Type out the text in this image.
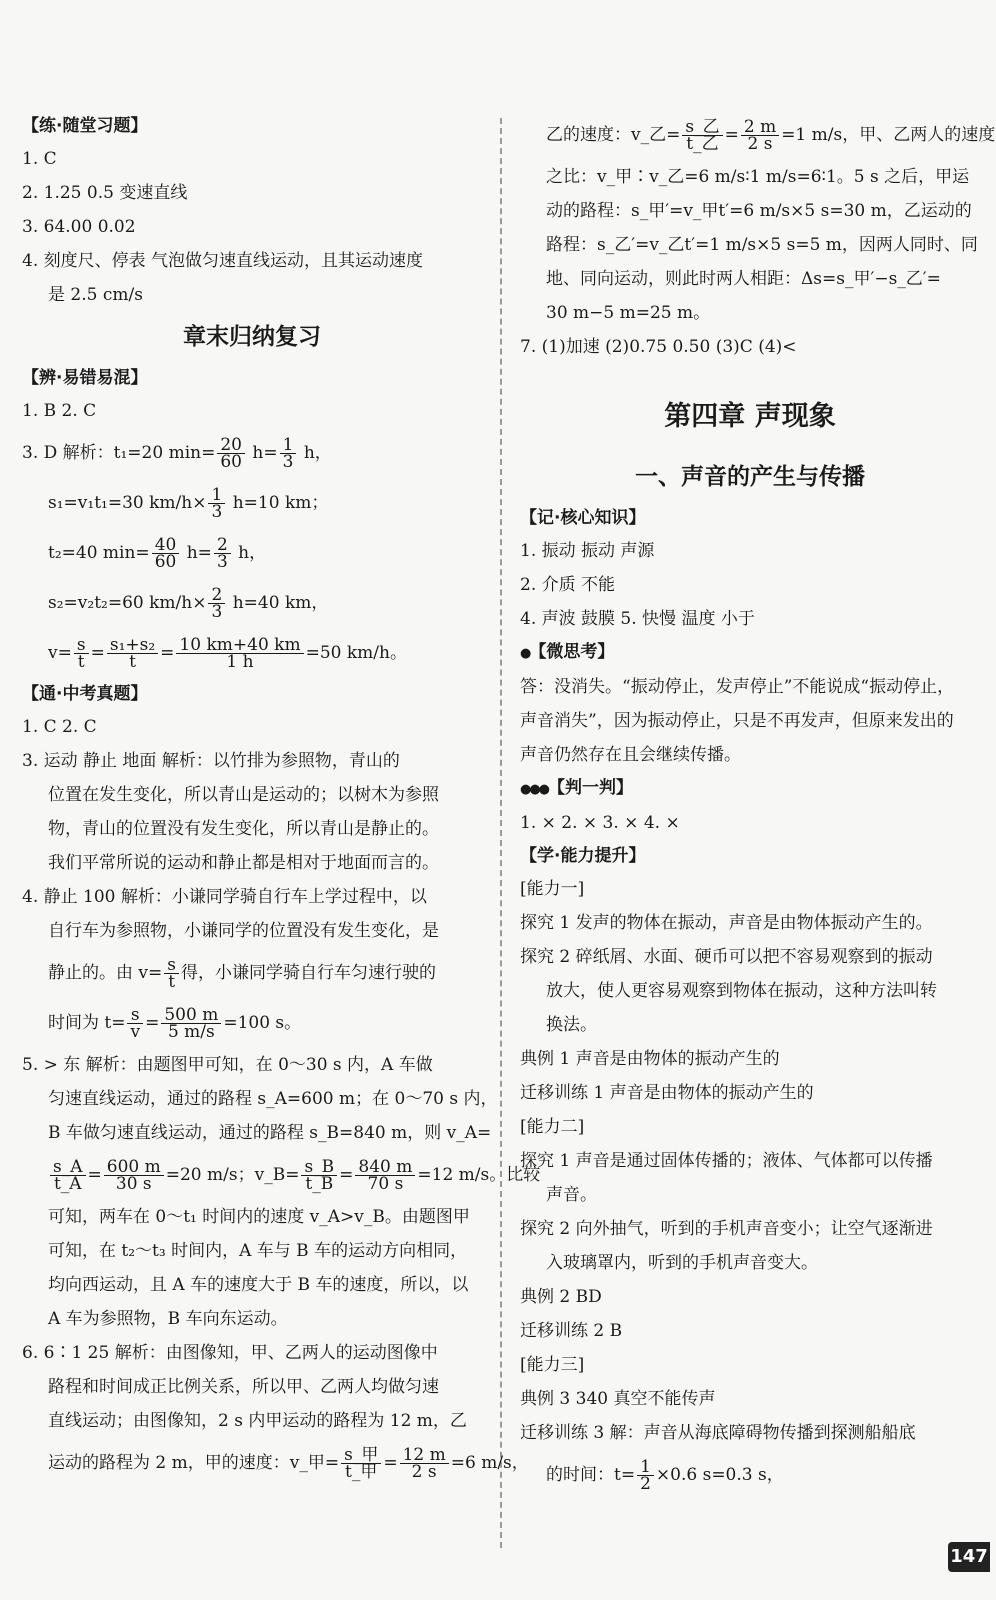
【练·随堂习题】
1. C
2. 1.25 0.5 变速直线
3. 64.00 0.02
4. 刻度尺、停表 气泡做匀速直线运动，且其运动速度
是 2.5 cm/s
章末归纳复习
【辨·易错易混】
1. B 2. C
3. D 解析：t₁=20 $\min= \frac{20}{60} h= \frac{1}{3}$ h，
s₁=v₁t₁=30 $km/h\times \frac{1}{3} h=10$ km；
t₂=40 $\min= \frac{40}{60} h= \frac{2}{3}$ h，
s₂=v₂t₂=60 $km/h\times \frac{2}{3} h=40$ km，
$v= \frac{s}{t} = \frac{\text{s₁+s₂}}{t} = \frac{10 km+40 km}{1 h} =50$ km/h。
【通·中考真题】
1. C 2. C
3. 运动 静止 地面 解析：以竹排为参照物，青山的
位置在发生变化，所以青山是运动的；以树木为参照
物，青山的位置没有发生变化，所以青山是静止的。
我们平常所说的运动和静止都是相对于地面而言的。
4. 静止 100 解析：小谦同学骑自行车上学过程中，以
自行车为参照物，小谦同学的位置没有发生变化，是
静止的。由 $v= \frac{s}{t}$ 得，小谦同学骑自行车匀速行驶的
时间为 $t= \frac{s}{v} = \frac{500 m}{5 m/s} =100$ s。
5. > 东 解析：由题图甲可知，在 0～30 s 内，A 车做
匀速直线运动，通过的路程 s_A=600 m；在 0～70 s 内，
B 车做匀速直线运动，通过的路程 s_B=840 m，则 v_A=
$\frac{s\_A}{t\_A} = \frac{600 m}{30 s} =20$ m/s；v_B= $\frac{s\_B}{t\_B} = \frac{840 m}{70 s} =12$ m/s。比较
可知，两车在 0～t₁ 时间内的速度 v_A>v_B。由题图甲
可知，在 t₂～t₃ 时间内，A 车与 B 车的运动方向相同，
均向西运动，且 A 车的速度大于 B 车的速度，所以，以
A 车为参照物，B 车向东运动。
6. 6∶1 25 解析：由图像知，甲、乙两人的运动图像中
路程和时间成正比例关系，所以甲、乙两人均做匀速
直线运动；由图像知，2 s 内甲运动的路程为 12 m，乙
运动的路程为 2 m，甲的速度：v_甲= $\frac{\text{s\_甲}}{\text{t\_甲}} = \frac{12 m}{2 s} =6$ m/s，
乙的速度：v_乙= $\frac{\text{s\_乙}}{\text{t\_乙}} = \frac{2 m}{2 s} =1$ m/s，甲、乙两人的速度
之比：v_甲∶v_乙=6 m/s∶1 m/s=6∶1。5 s 之后，甲运
动的路程：s_甲′=v_甲t′=6 m/s×5 s=30 m，乙运动的
路程：s_乙′=v_乙t′=1 m/s×5 s=5 m，因两人同时、同
地、同向运动，则此时两人相距：Δs=s_甲′−s_乙′=
30 m−5 m=25 m。
7. (1)加速 (2)0.75 0.50 (3)C (4)<
第四章 声现象
一、声音的产生与传播
【记·核心知识】
1. 振动 振动 声源
2. 介质 不能
4. 声波 鼓膜 5. 快慢 温度 小于
●【微思考】
答：没消失。“振动停止，发声停止”不能说成“振动停止，
声音消失”，因为振动停止，只是不再发声，但原来发出的
声音仍然存在且会继续传播。
●●●【判一判】
1. × 2. × 3. × 4. ×
【学·能力提升】
[能力一]
探究 1 发声的物体在振动，声音是由物体振动产生的。
探究 2 碎纸屑、水面、硬币可以把不容易观察到的振动
放大，使人更容易观察到物体在振动，这种方法叫转
换法。
典例 1 声音是由物体的振动产生的
迁移训练 1 声音是由物体的振动产生的
[能力二]
探究 1 声音是通过固体传播的；液体、气体都可以传播
声音。
探究 2 向外抽气，听到的手机声音变小；让空气逐渐进
入玻璃罩内，听到的手机声音变大。
典例 2 BD
迁移训练 2 B
[能力三]
典例 3 340 真空不能传声
迁移训练 3 解：声音从海底障碍物传播到探测船船底
的时间：$t= \frac{1}{2} \times 0.6$ s=0.3 s，
147
